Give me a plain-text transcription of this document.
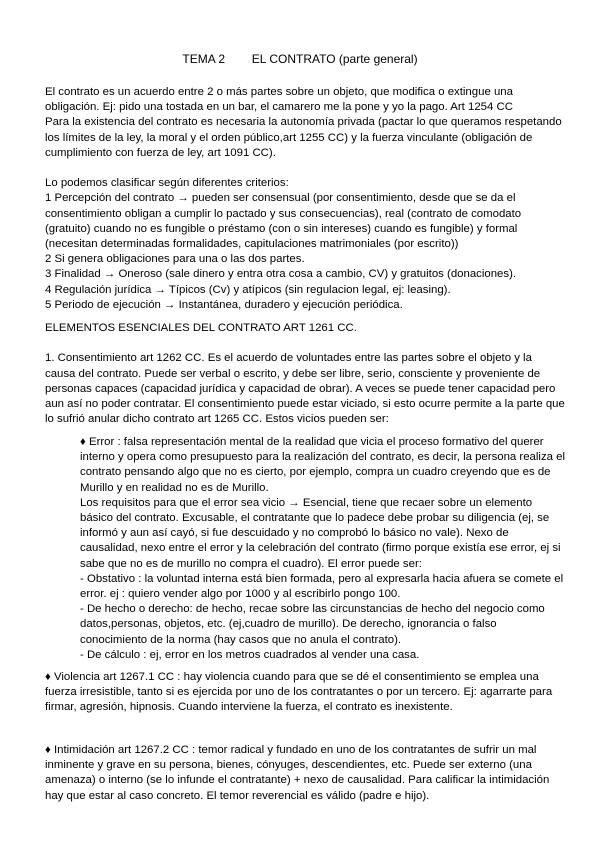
TEMA 2        EL CONTRATO (parte general)

El contrato es un acuerdo entre 2 o más partes sobre un objeto, que modifica o extingue una obligación. Ej: pido una tostada en un bar, el camarero me la pone y yo la pago. Art 1254 CC

Para la existencia del contrato es necesaria la autonomía privada (pactar lo que queramos respetando los límites de la ley, la moral y el orden público,art 1255 CC) y la fuerza vinculante (obligación de cumplimiento con fuerza de ley, art 1091 CC).

Lo podemos clasificar según diferentes criterios:

1 Percepción del contrato → pueden ser consensual (por consentimiento, desde que se da el consentimiento obligan a cumplir lo pactado y sus consecuencias), real (contrato de comodato (gratuito) cuando no es fungible o préstamo (con o sin intereses) cuando es fungible) y formal (necesitan determinadas formalidades, capitulaciones matrimoniales (por escrito))

2 Si genera obligaciones para una o las dos partes.

3 Finalidad → Oneroso (sale dinero y entra otra cosa a cambio, CV) y gratuitos (donaciones).

4 Regulación jurídica → Típicos (Cv) y atípicos (sin regulacion legal, ej: leasing).

5 Periodo de ejecución → Instantánea, duradero y ejecución periódica.

ELEMENTOS ESENCIALES DEL CONTRATO ART 1261 CC.

1. Consentimiento art 1262 CC. Es el acuerdo de voluntades entre las partes sobre el objeto y la causa del contrato. Puede ser verbal o escrito, y debe ser libre, serio, consciente y proveniente de personas capaces (capacidad jurídica y capacidad de obrar). A veces se puede tener capacidad pero aun así no poder contratar. El consentimiento puede estar viciado, si esto ocurre permite a la parte que lo sufrió anular dicho contrato art 1265 CC. Estos vicios pueden ser:

♦ Error : falsa representación mental de la realidad que vicia el proceso formativo del querer interno y opera como presupuesto para la realización del contrato, es decir, la persona realiza el contrato pensando algo que no es cierto, por ejemplo, compra un cuadro creyendo que es de Murillo y en realidad no es de Murillo.

Los requisitos para que el error sea vicio → Esencial, tiene que recaer sobre un elemento básico del contrato. Excusable, el contratante que lo padece debe probar su diligencia (ej, se informó y aun así cayó, si fue descuidado y no comprobó lo básico no vale). Nexo de causalidad, nexo entre el error y la celebración del contrato (firmo porque existía ese error, ej si sabe que no es de murillo no compra el cuadro). El error puede ser:

- Obstativo : la voluntad interna está bien formada, pero al expresarla hacia afuera se comete el error. ej : quiero vender algo por 1000 y al escribirlo pongo 100.

- De hecho o derecho: de hecho, recae sobre las circunstancias de hecho del negocio como datos,personas, objetos, etc. (ej,cuadro de murillo). De derecho, ignorancia o falso conocimiento de la norma (hay casos que no anula el contrato).

- De cálculo : ej, error en los metros cuadrados al vender una casa.

♦ Violencia art 1267.1 CC : hay violencia cuando para que se dé el consentimiento se emplea una fuerza irresistible, tanto si es ejercida por uno de los contratantes o por un tercero. Ej: agarrarte para firmar, agresión, hipnosis. Cuando interviene la fuerza, el contrato es inexistente.

♦ Intimidación art 1267.2 CC : temor radical y fundado en uno de los contratantes de sufrir un mal inminente y grave en su persona, bienes, cónyuges, descendientes, etc. Puede ser externo (una amenaza) o interno (se lo infunde el contratante) + nexo de causalidad. Para calificar la intimidación hay que estar al caso concreto. El temor reverencial es válido (padre e hijo).
